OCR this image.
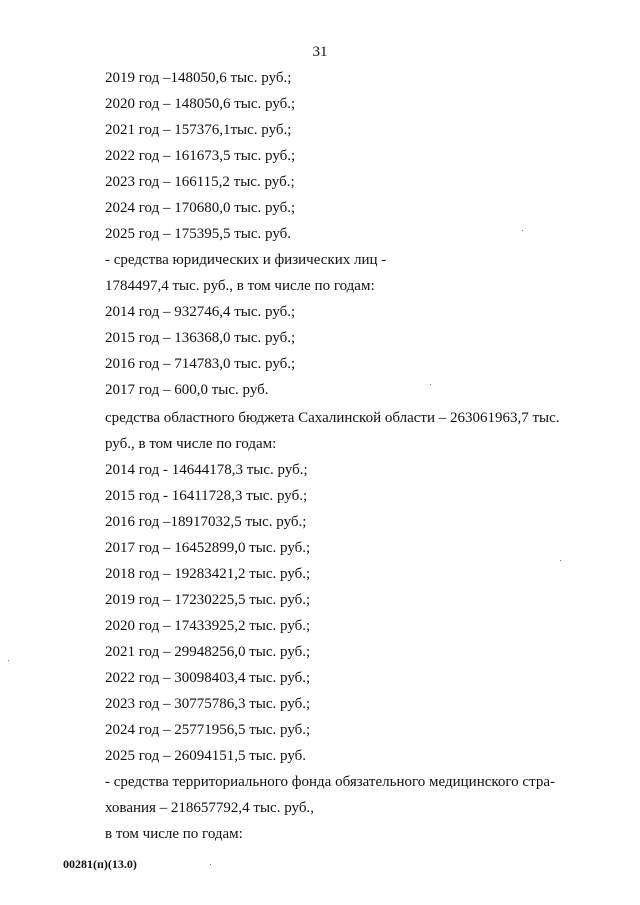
31
2019 год –148050,6 тыс. руб.;
2020 год – 148050,6 тыс. руб.;
2021 год – 157376,1тыс. руб.;
2022 год – 161673,5 тыс. руб.;
2023 год – 166115,2 тыс. руб.;
2024 год – 170680,0 тыс. руб.;
2025 год – 175395,5 тыс. руб.
- средства юридических и физических лиц -
1784497,4 тыс. руб., в том числе по годам:
2014 год – 932746,4 тыс. руб.;
2015 год – 136368,0 тыс. руб.;
2016 год – 714783,0 тыс. руб.;
2017 год – 600,0 тыс. руб.
средства областного бюджета Сахалинской области – 263061963,7 тыс.
руб., в том числе по годам:
2014 год - 14644178,3 тыс. руб.;
2015 год - 16411728,3 тыс. руб.;
2016 год –18917032,5 тыс. руб.;
2017 год – 16452899,0 тыс. руб.;
2018 год – 19283421,2 тыс. руб.;
2019 год – 17230225,5 тыс. руб.;
2020 год – 17433925,2 тыс. руб.;
2021 год – 29948256,0 тыс. руб.;
2022 год – 30098403,4 тыс. руб.;
2023 год – 30775786,3 тыс. руб.;
2024 год – 25771956,5 тыс. руб.;
2025 год – 26094151,5 тыс. руб.
- средства территориального фонда обязательного медицинского стра-
хования – 218657792,4 тыс. руб.,
в том числе по годам:
00281(п)(13.0)
